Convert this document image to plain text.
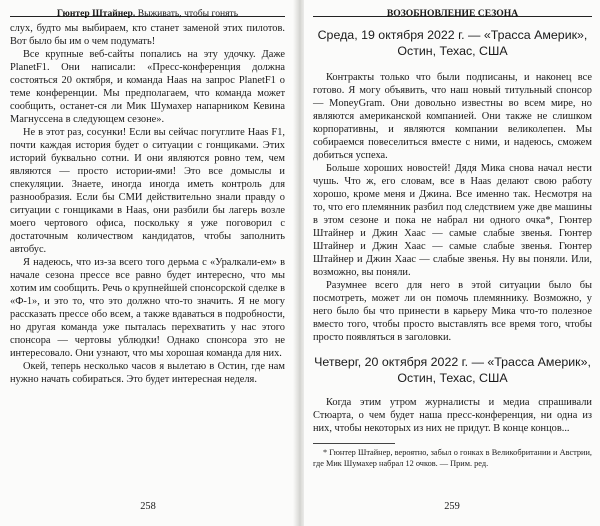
Гюнтер Штайнер. Выживать, чтобы гонять

слух, будто мы выбираем, кто станет заменой этих пилотов. Вот было бы им о чем подумать!

Все крупные веб-сайты попались на эту удочку. Даже PlanetF1. Они написали: «Пресс-конференция должна состояться 20 октября, и команда Haas на запрос PlanetF1 о теме конференции. Мы предполагаем, что команда может сообщить, останет-ся ли Мик Шумахер напарником Кевина Магнуссена в следующем сезоне».

Не в этот раз, сосунки! Если вы сейчас погуглите Haas F1, почти каждая история будет о ситуации с гонщиками. Этих историй буквально сотни. И они являются ровно тем, чем являются — просто истории-ями! Это все домыслы и спекуляции. Знаете, иногда иногда иметь контроль для разнообразия. Если бы СМИ действительно знали правду о ситуации с гонщиками в Haas, они разбили бы лагерь возле моего чертового офиса, поскольку я уже поговорил с достаточным количеством кандидатов, чтобы заполнить автобус.

Я надеюсь, что из-за всего того дерьма с «Уралкали-ем» в начале сезона прессе все равно будет интересно, что мы хотим им сообщить. Речь о крупнейшей спонсорской сделке в «Ф-1», и это то, что это должно что-то значить. Я не могу рассказать прессе обо всем, а также вдаваться в подробности, но другая команда уже пыталась перехватить у нас этого спонсора — чертовы ублюдки! Однако спонсора это не интересовало. Они узнают, что мы хорошая команда для них.

Окей, теперь несколько часов я вылетаю в Остин, где нам нужно начать собираться. Это будет интересная неделя.

258
ВОЗОБНОВЛЕНИЕ СЕЗОНА
Среда, 19 октября 2022 г. — «Трасса Америк», Остин, Техас, США

Контракты только что были подписаны, и наконец все готово. Я могу объявить, что наш новый титульный спонсор — MoneyGram. Они довольно известны во всем мире, но являются американской компанией. Они также не слишком корпоративны, и являются компании великолепен. Мы собираемся повеселиться вместе с ними, и надеюсь, сможем добиться успеха.

Больше хороших новостей! Дядя Мика снова начал нести чушь. Что ж, его словам, все в Haas делают свою работу хорошо, кроме меня и Джина. Все именно так. Несмотря на то, что его племянник разбил под следствием уже две машины в этом сезоне и пока не набрал ни одного очка*, Гюнтер Штайнер и Джин Хаас — самые слабые звенья. Гюнтер Штайнер и Джин Хаас — самые слабые звенья. Гюнтер Штайнер и Джин Хаас — слабые звенья. Ну вы поняли. Или, возможно, вы поняли.

Разумнее всего для него в этой ситуации было бы посмотреть, может ли он помочь племяннику. Возможно, у него было бы что принести в карьеру Мика что-то полезное вместо того, чтобы просто выставлять все время того, чтобы просто появляться в заголовки.

Четверг, 20 октября 2022 г. — «Трасса Америк», Остин, Техас, США

Когда этим утром журналисты и медиа спрашивали Стюарта, о чем будет наша пресс-конференция, ни одна из них, чтобы некоторых из них не придут. В конце концов...

* Гюнтер Штайнер, вероятно, забыл о гонках в Великобритании и Австрии, где Мик Шумахер набрал 12 очков. — Прим. ред.

259
